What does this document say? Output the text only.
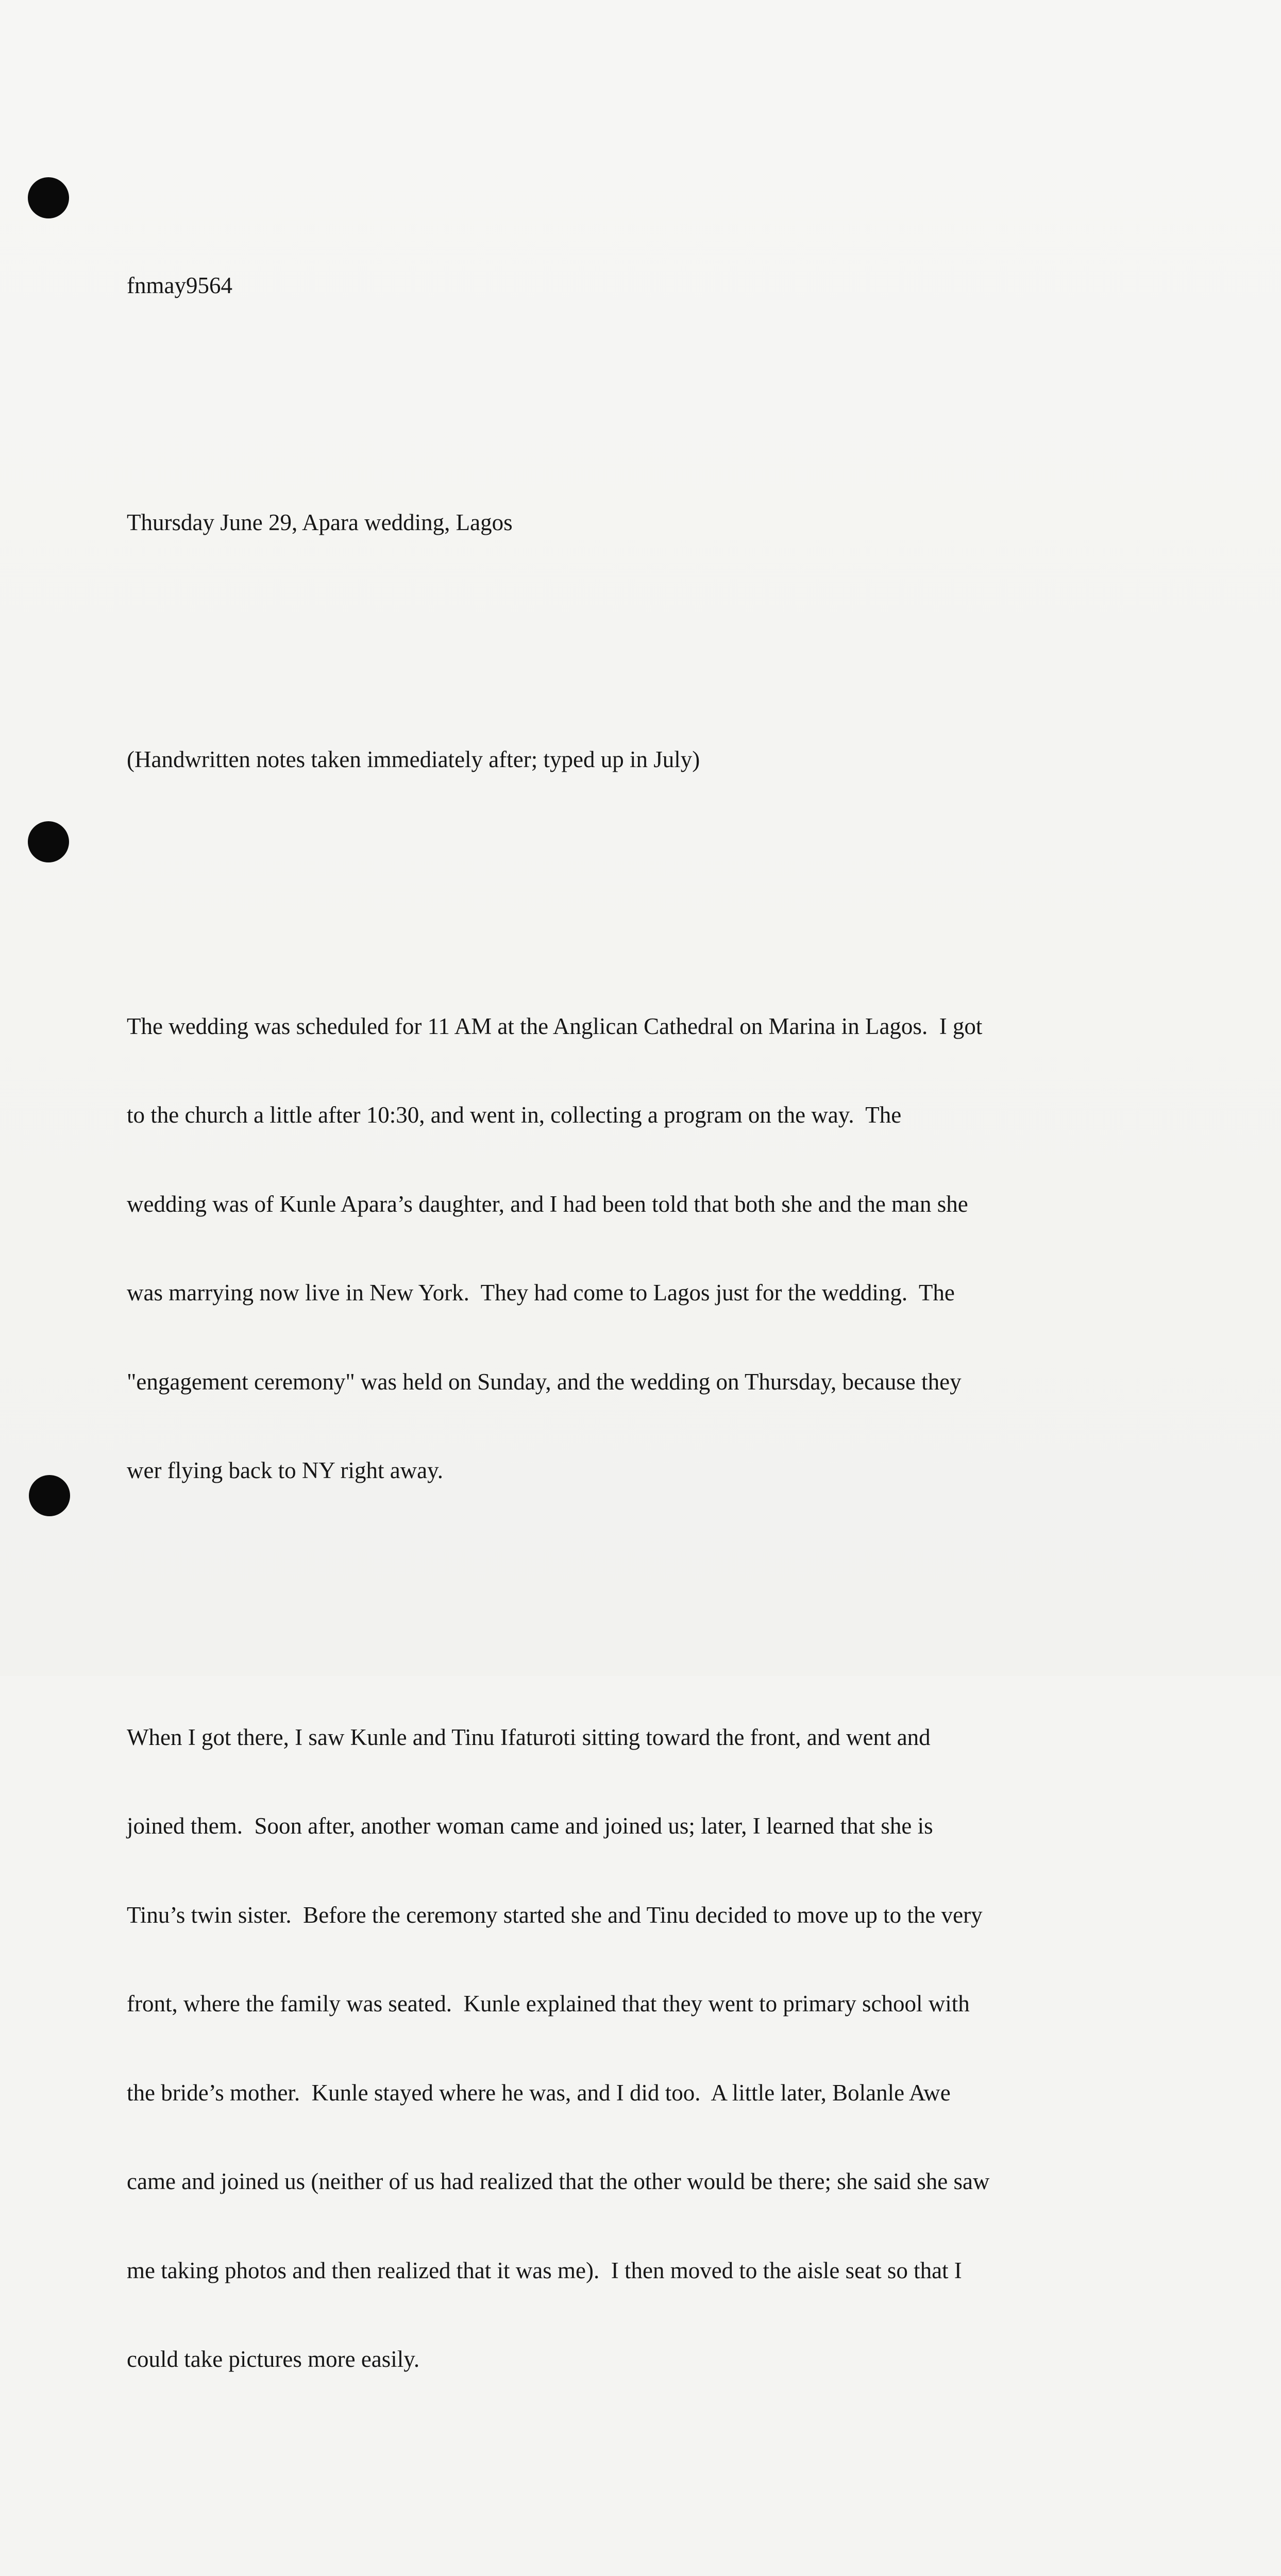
fnmay9564

Thursday June 29, Apara wedding, Lagos

(Handwritten notes taken immediately after; typed up in July)

The wedding was scheduled for 11 AM at the Anglican Cathedral on Marina in Lagos.  I got

to the church a little after 10:30, and went in, collecting a program on the way.  The

wedding was of Kunle Apara’s daughter, and I had been told that both she and the man she

was marrying now live in New York.  They had come to Lagos just for the wedding.  The

"engagement ceremony" was held on Sunday, and the wedding on Thursday, because they

wer flying back to NY right away.

When I got there, I saw Kunle and Tinu Ifaturoti sitting toward the front, and went and

joined them.  Soon after, another woman came and joined us; later, I learned that she is

Tinu’s twin sister.  Before the ceremony started she and Tinu decided to move up to the very

front, where the family was seated.  Kunle explained that they went to primary school with

the bride’s mother.  Kunle stayed where he was, and I did too.  A little later, Bolanle Awe

came and joined us (neither of us had realized that the other would be there; she said she saw

me taking photos and then realized that it was me).  I then moved to the aisle seat so that I

could take pictures more easily.
